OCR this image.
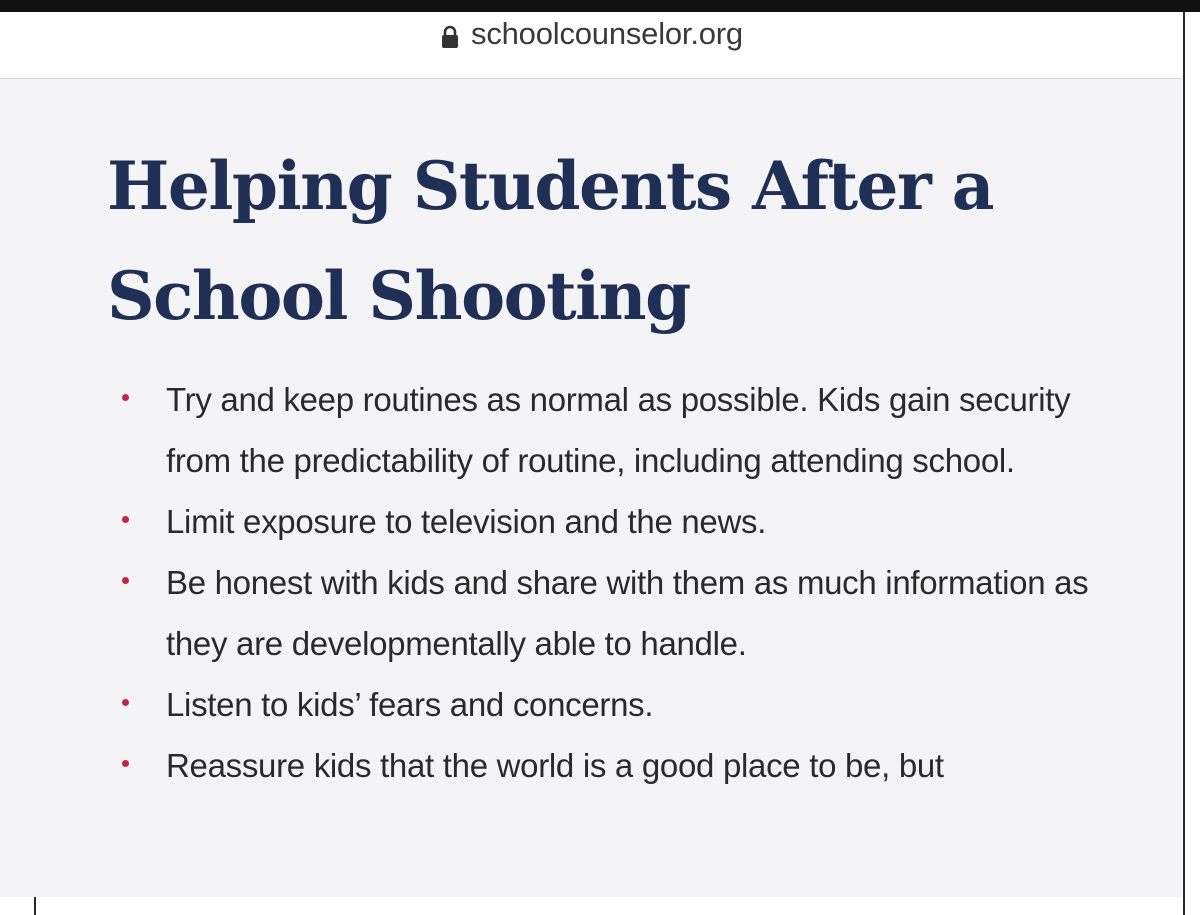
schoolcounselor.org
Helping Students After a School Shooting
Try and keep routines as normal as possible. Kids gain security from the predictability of routine, including attending school.
Limit exposure to television and the news.
Be honest with kids and share with them as much information as they are developmentally able to handle.
Listen to kids’ fears and concerns.
Reassure kids that the world is a good place to be, but
